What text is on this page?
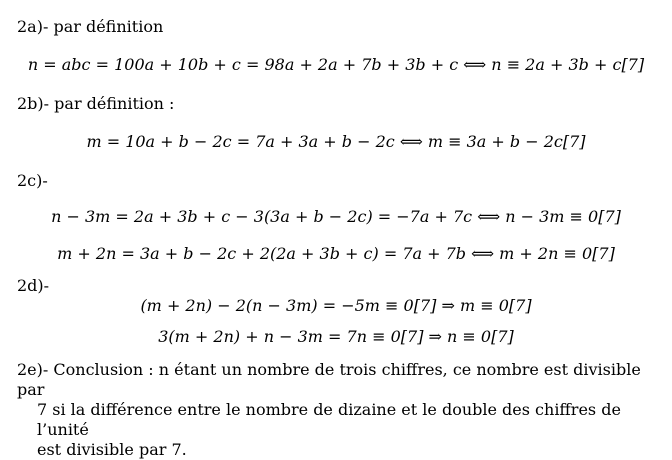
2a)- par définition
n = abc = 100a + 10b + c = 98a + 2a + 7b + 3b + c ⟺ n ≡ 2a + 3b + c[7]
2b)- par définition :
m = 10a + b − 2c = 7a + 3a + b − 2c ⟺ m ≡ 3a + b − 2c[7]
2c)-
n − 3m = 2a + 3b + c − 3(3a + b − 2c) = −7a + 7c ⟺ n − 3m ≡ 0[7]
m + 2n = 3a + b − 2c + 2(2a + 3b + c) = 7a + 7b ⟺ m + 2n ≡ 0[7]
2d)-
(m + 2n) − 2(n − 3m) = −5m ≡ 0[7] ⇒ m ≡ 0[7]
3(m + 2n) + n − 3m = 7n ≡ 0[7] ⇒ n ≡ 0[7]
2e)- Conclusion : n étant un nombre de trois chiffres, ce nombre est divisible par
7 si la différence entre le nombre de dizaine et le double des chiffres de l’unité
est divisible par 7.
